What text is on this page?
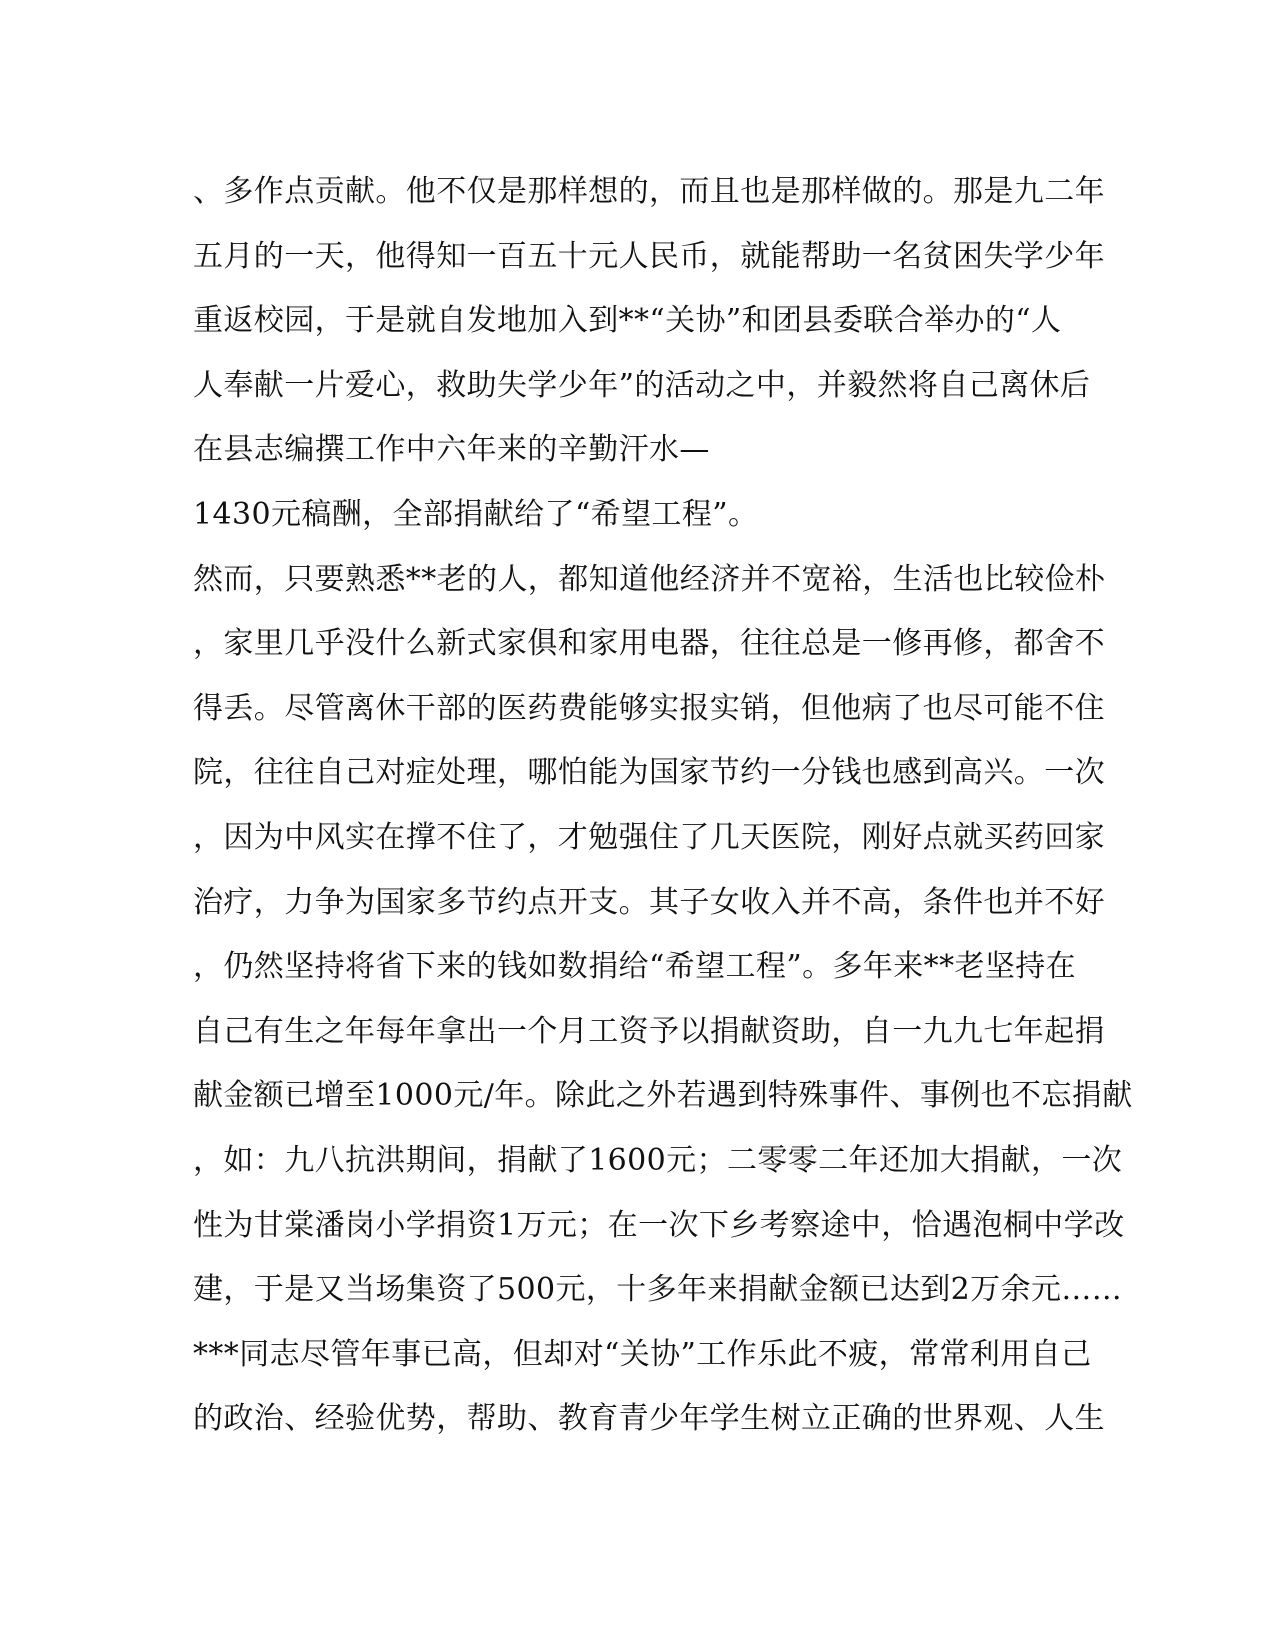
、多作点贡献。他不仅是那样想的，而且也是那样做的。那是九二年
五月的一天，他得知一百五十元人民币，就能帮助一名贫困失学少年
重返校园，于是就自发地加入到**“关协”和团县委联合举办的“人
人奉献一片爱心，救助失学少年”的活动之中，并毅然将自己离休后
在县志编撰工作中六年来的辛勤汗水—
1430元稿酬，全部捐献给了“希望工程”。
然而，只要熟悉**老的人，都知道他经济并不宽裕，生活也比较俭朴
，家里几乎没什么新式家俱和家用电器，往往总是一修再修，都舍不
得丢。尽管离休干部的医药费能够实报实销，但他病了也尽可能不住
院，往往自己对症处理，哪怕能为国家节约一分钱也感到高兴。一次
，因为中风实在撑不住了，才勉强住了几天医院，刚好点就买药回家
治疗，力争为国家多节约点开支。其子女收入并不高，条件也并不好
，仍然坚持将省下来的钱如数捐给“希望工程”。多年来**老坚持在
自己有生之年每年拿出一个月工资予以捐献资助，自一九九七年起捐
献金额已增至1000元/年。除此之外若遇到特殊事件、事例也不忘捐献
，如：九八抗洪期间，捐献了1600元；二零零二年还加大捐献，一次
性为甘棠潘岗小学捐资1万元；在一次下乡考察途中，恰遇泡桐中学改
建，于是又当场集资了500元，十多年来捐献金额已达到2万余元……
***同志尽管年事已高，但却对“关协”工作乐此不疲，常常利用自己
的政治、经验优势，帮助、教育青少年学生树立正确的世界观、人生
